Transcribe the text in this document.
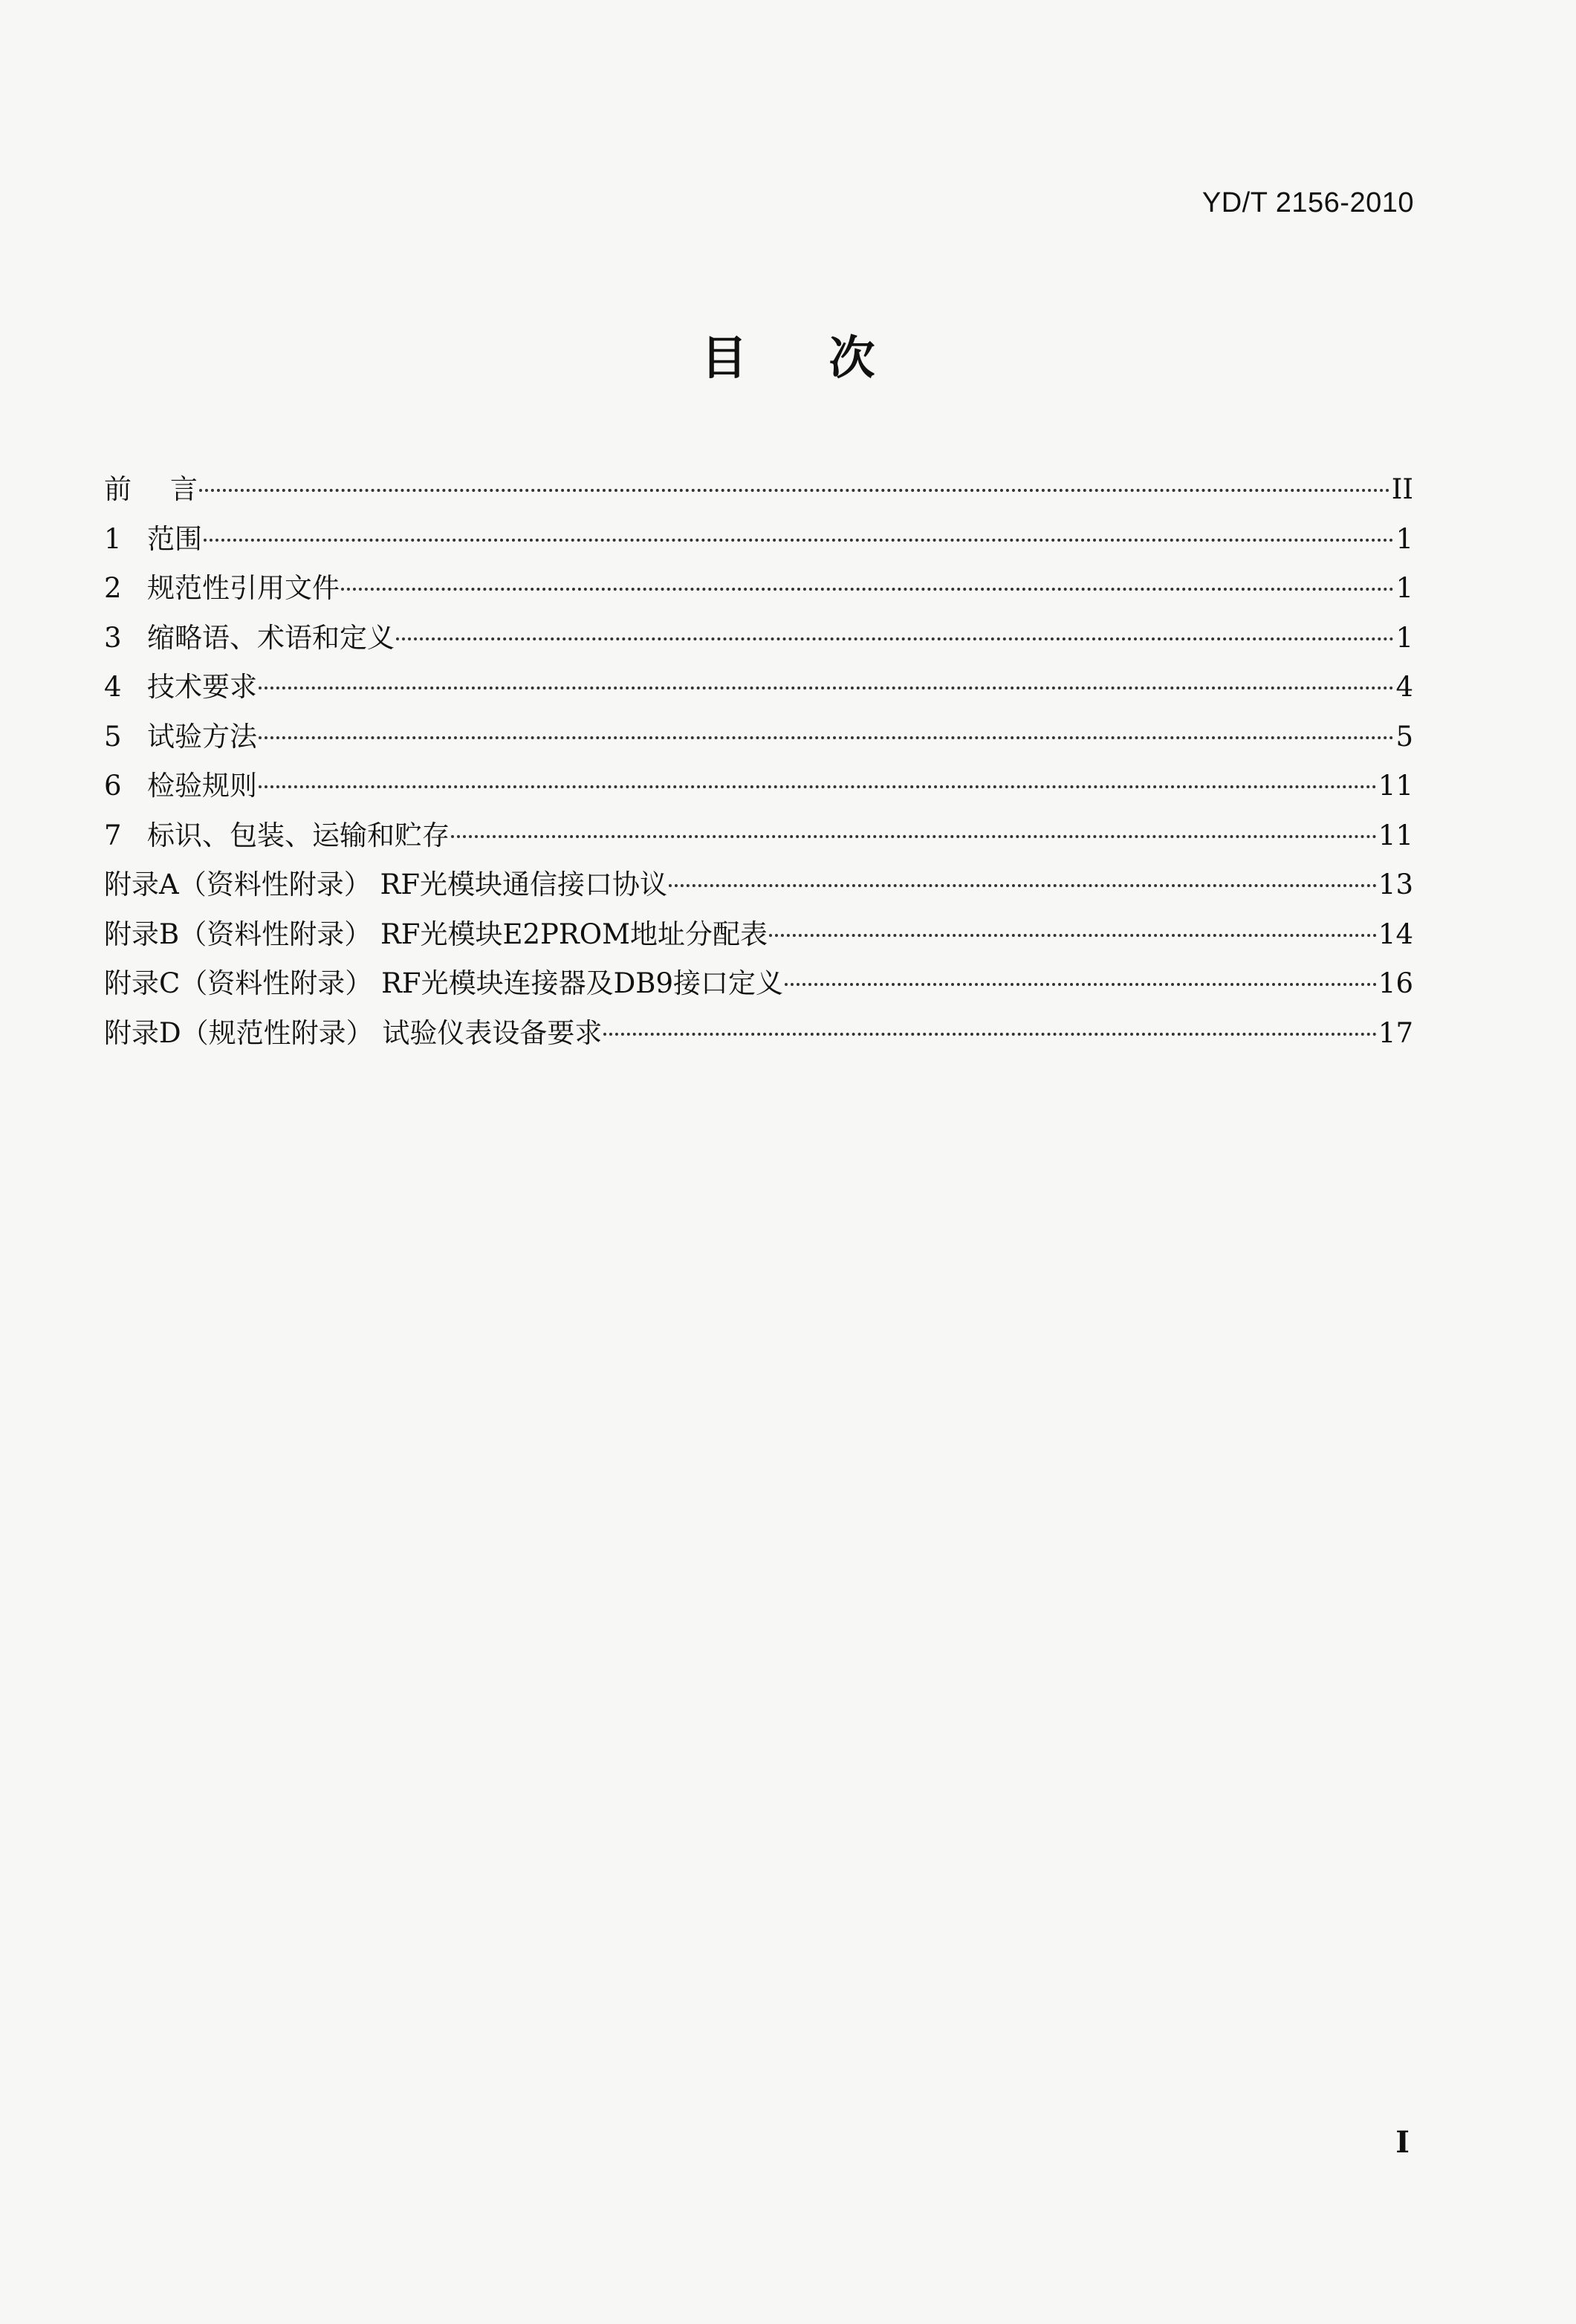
YD/T 2156-2010
目次
前 言	II
1 范围	1
2 规范性引用文件	1
3 缩略语、术语和定义	1
4 技术要求	4
5 试验方法	5
6 检验规则	11
7 标识、包装、运输和贮存	11
附录A（资料性附录） RF光模块通信接口协议	13
附录B（资料性附录） RF光模块E2PROM地址分配表	14
附录C（资料性附录） RF光模块连接器及DB9接口定义	16
附录D（规范性附录） 试验仪表设备要求	17
I
